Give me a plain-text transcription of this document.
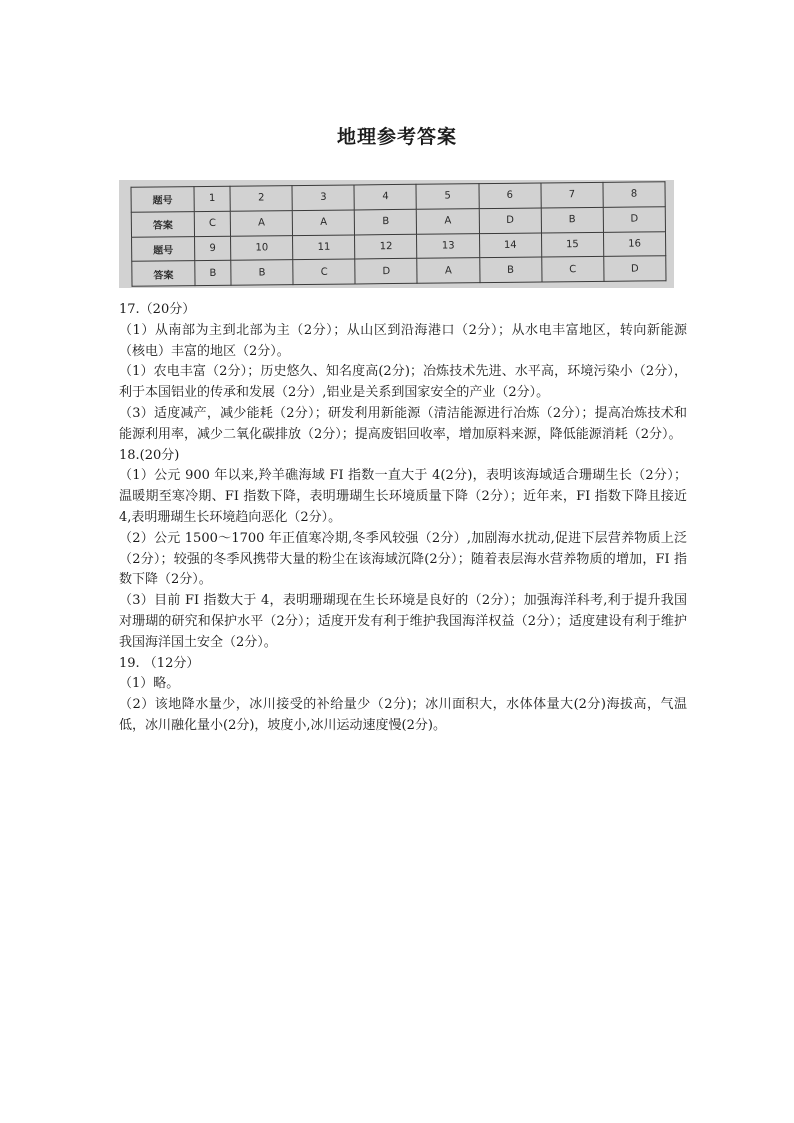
地理参考答案
题号	1	2	3	4	5	6	7	8
答案	C	A	A	B	A	D	B	D
题号	9	10	11	12	13	14	15	16
答案	B	B	C	D	A	B	C	D

17.（20分）

（1）从南部为主到北部为主（2分）；从山区到沿海港口（2分）；从水电丰富地区，转向新能源（核电）丰富的地区（2分）。

（1）农电丰富（2分）；历史悠久、知名度高(2分)；冶炼技术先进、水平高，环境污染小（2分），利于本国铝业的传承和发展（2分）,铝业是关系到国家安全的产业（2分）。

（3）适度减产，减少能耗（2分）；研发利用新能源（清洁能源进行冶炼（2分）；提高冶炼技术和能源利用率，减少二氧化碳排放（2分）；提高废铝回收率，增加原料来源，降低能源消耗（2分）。

18.(20分)

（1）公元 900 年以来,羚羊礁海域 FI 指数一直大于 4(2分)，表明该海域适合珊瑚生长（2分）；温暖期至寒冷期、FI 指数下降，表明珊瑚生长环境质量下降（2分）；近年来，FI 指数下降且接近 4,表明珊瑚生长环境趋向恶化（2分）。

（2）公元 1500～1700 年正值寒冷期,冬季风较强（2分）,加剧海水扰动,促进下层营养物质上泛（2分）；较强的冬季风携带大量的粉尘在该海域沉降(2分）；随着表层海水营养物质的增加，FI 指数下降（2分）。

（3）目前 FI 指数大于 4，表明珊瑚现在生长环境是良好的（2分）；加强海洋科考,利于提升我国对珊瑚的研究和保护水平（2分）；适度开发有利于维护我国海洋权益（2分）；适度建设有利于维护我国海洋国土安全（2分）。

19. （12分）

（1）略。

（2）该地降水量少，冰川接受的补给量少（2分)；冰川面积大，水体体量大(2分)海拔高，气温低，冰川融化量小(2分)，坡度小,冰川运动速度慢(2分)。
